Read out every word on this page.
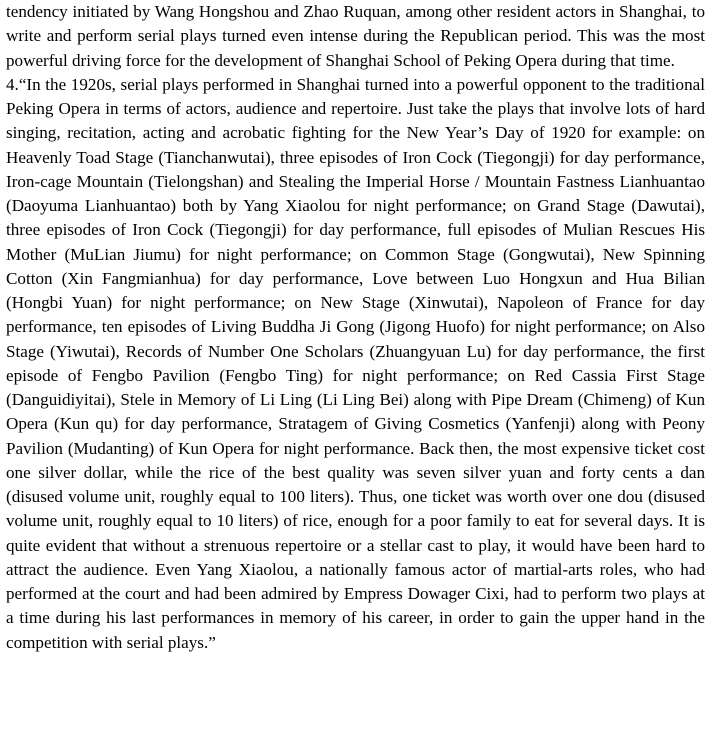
tendency initiated by Wang Hongshou and Zhao Ruquan, among other resident actors in Shanghai, to write and perform serial plays turned even intense during the Republican period. This was the most powerful driving force for the development of Shanghai School of Peking Opera during that time.

4.“In the 1920s, serial plays performed in Shanghai turned into a powerful opponent to the traditional Peking Opera in terms of actors, audience and repertoire. Just take the plays that involve lots of hard singing, recitation, acting and acrobatic fighting for the New Year’s Day of 1920 for example: on Heavenly Toad Stage (Tianchanwutai), three episodes of Iron Cock (Tiegongji) for day performance, Iron-cage Mountain (Tielongshan) and Stealing the Imperial Horse / Mountain Fastness Lianhuantao (Daoyuma Lianhuantao) both by Yang Xiaolou for night performance; on Grand Stage (Dawutai), three episodes of Iron Cock (Tiegongji) for day performance, full episodes of Mulian Rescues His Mother (MuLian Jiumu) for night performance; on Common Stage (Gongwutai), New Spinning Cotton (Xin Fangmianhua) for day performance, Love between Luo Hongxun and Hua Bilian (Hongbi Yuan) for night performance; on New Stage (Xinwutai), Napoleon of France for day performance, ten episodes of Living Buddha Ji Gong (Jigong Huofo) for night performance; on Also Stage (Yiwutai), Records of Number One Scholars (Zhuangyuan Lu) for day performance, the first episode of Fengbo Pavilion (Fengbo Ting) for night performance; on Red Cassia First Stage (Danguidiyitai), Stele in Memory of Li Ling (Li Ling Bei) along with Pipe Dream (Chimeng) of Kun Opera (Kun qu) for day performance, Stratagem of Giving Cosmetics (Yanfenji) along with Peony Pavilion (Mudanting) of Kun Opera for night performance. Back then, the most expensive ticket cost one silver dollar, while the rice of the best quality was seven silver yuan and forty cents a dan (disused volume unit, roughly equal to 100 liters). Thus, one ticket was worth over one dou (disused volume unit, roughly equal to 10 liters) of rice, enough for a poor family to eat for several days. It is quite evident that without a strenuous repertoire or a stellar cast to play, it would have been hard to attract the audience. Even Yang Xiaolou, a nationally famous actor of martial-arts roles, who had performed at the court and had been admired by Empress Dowager Cixi, had to perform two plays at a time during his last performances in memory of his career, in order to gain the upper hand in the competition with serial plays.”
